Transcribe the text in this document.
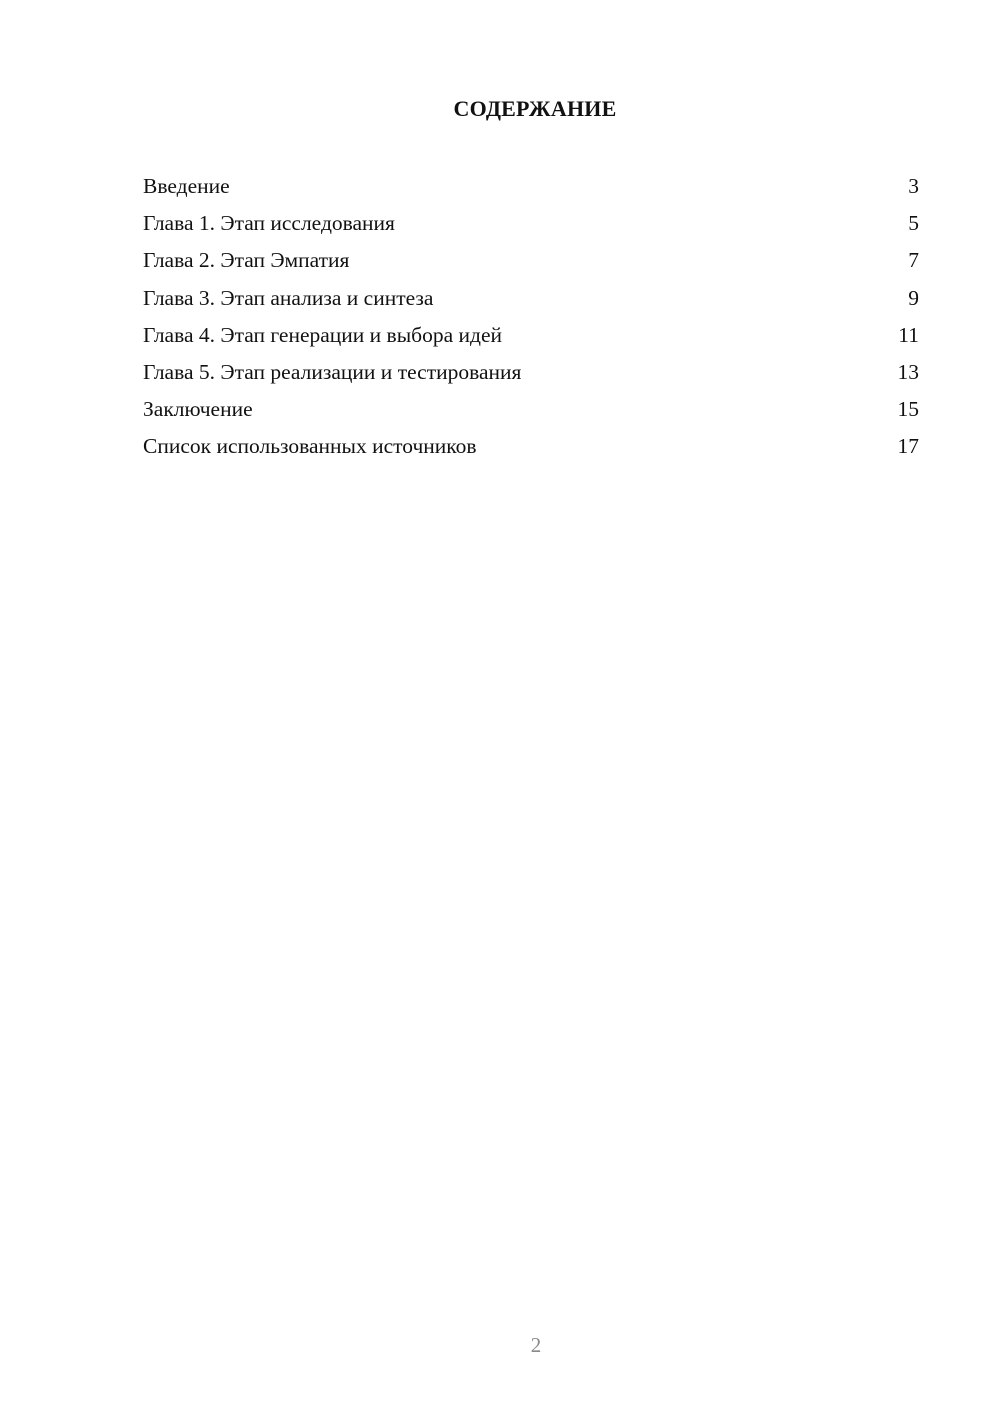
СОДЕРЖАНИЕ
Введение	3
Глава 1. Этап исследования	5
Глава 2. Этап Эмпатия	7
Глава 3. Этап анализа и синтеза	9
Глава 4. Этап генерации и выбора идей	11
Глава 5. Этап реализации и тестирования	13
Заключение	15
Список использованных источников	17
2
